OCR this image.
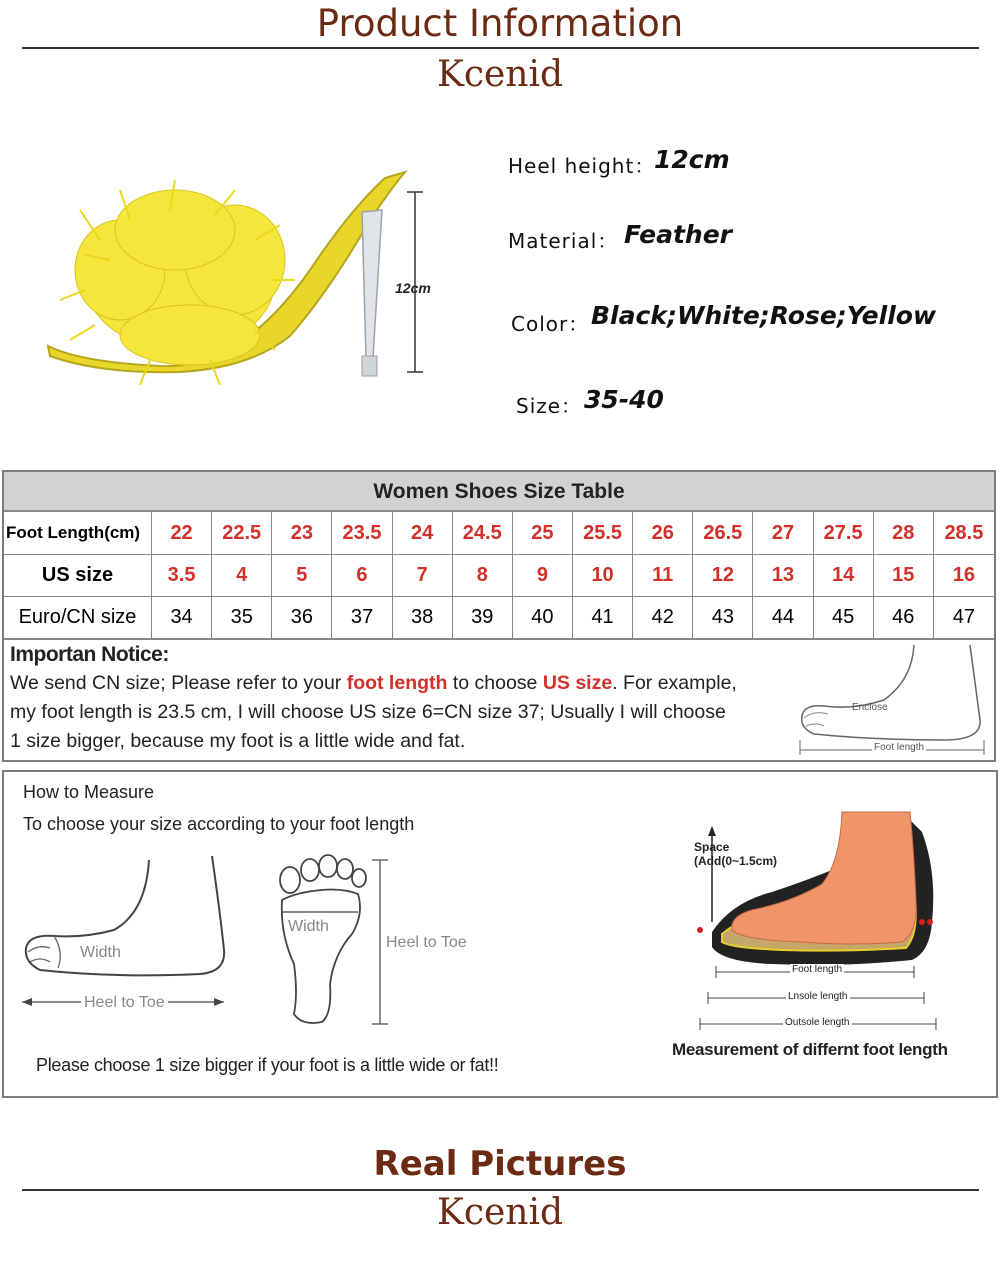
Product Information
Kcenid
12cm
Heel height：
12cm
Material： Feather
Color： Black;White;Rose;Yellow
Size： 35-40
Women Shoes Size Table
Foot Length(cm)	22	22.5	23	23.5	24	24.5	25	25.5	26	26.5	27	27.5	28	28.5
US size	3.5	4	5	6	7	8	9	10	11	12	13	14	15	16
Euro/CN size	34	35	36	37	38	39	40	41	42	43	44	45	46	47
Importan Notice:
We send CN size; Please refer to your foot length to choose US size. For example,
my foot length is 23.5 cm, I will choose US size 6=CN size 37; Usually I will choose
1 size bigger, because my foot is a little wide and fat.
Enclose
Foot length
How to Measure
To choose your size according to your foot length
Width
Heel to Toe
Width
Heel to Toe
Please choose 1 size bigger if your foot is a little wide or fat!!
Space
(Add(0~1.5cm)
Foot length
Lnsole length
Outsole length
Measurement of differnt foot length
Real Pictures
Kcenid
